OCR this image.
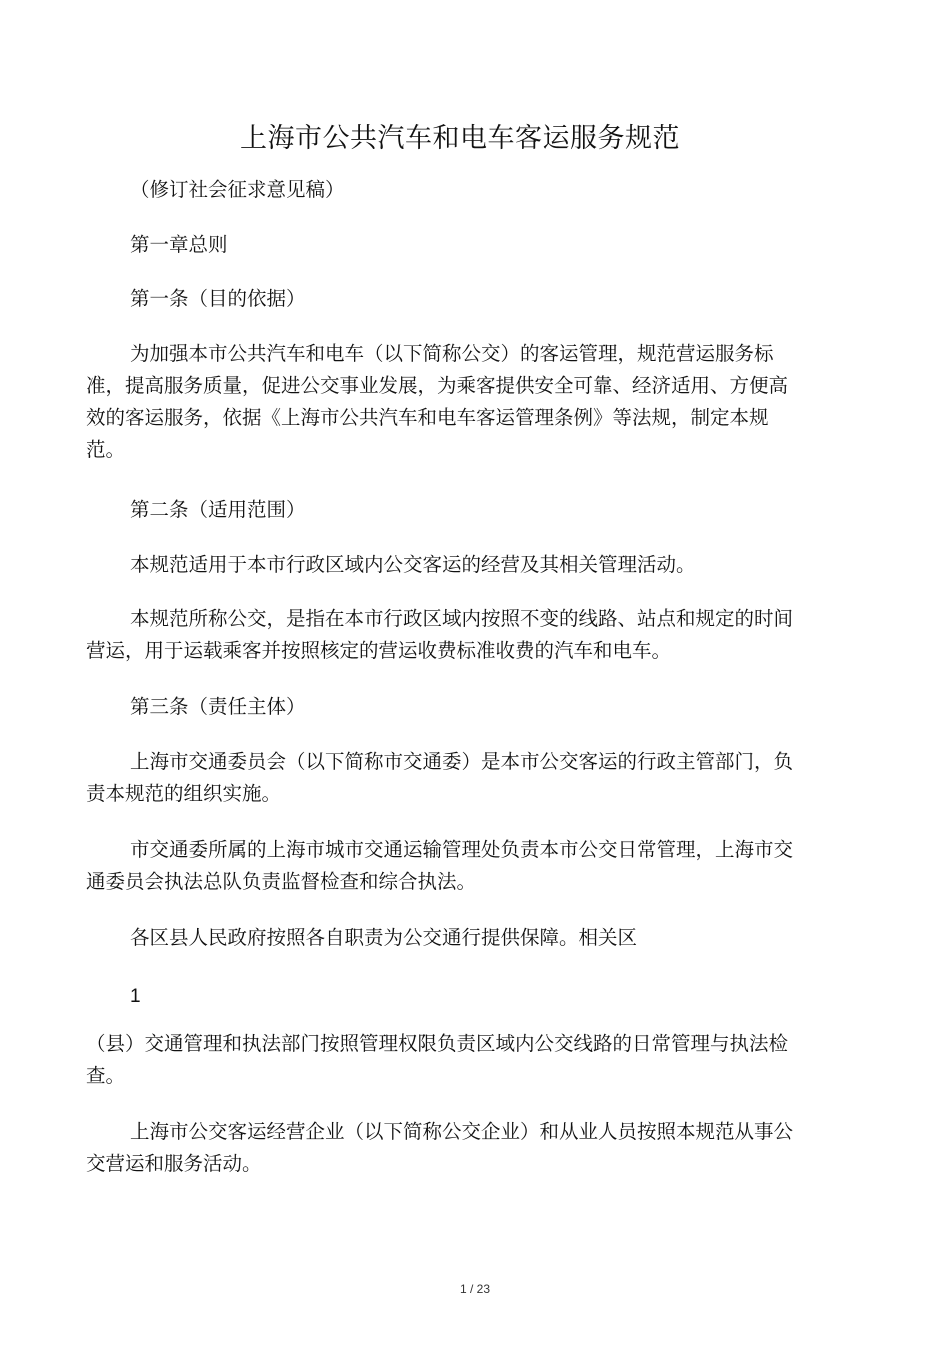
上海市公共汽车和电车客运服务规范

（修订社会征求意见稿）

第一章总则

第一条（目的依据）

为加强本市公共汽车和电车（以下简称公交）的客运管理，规范营运服务标准，提高服务质量，促进公交事业发展，为乘客提供安全可靠、经济适用、方便高效的客运服务，依据《上海市公共汽车和电车客运管理条例》等法规，制定本规范。

第二条（适用范围）

本规范适用于本市行政区域内公交客运的经营及其相关管理活动。

本规范所称公交，是指在本市行政区域内按照不变的线路、站点和规定的时间营运，用于运载乘客并按照核定的营运收费标准收费的汽车和电车。

第三条（责任主体）

上海市交通委员会（以下简称市交通委）是本市公交客运的行政主管部门，负责本规范的组织实施。

市交通委所属的上海市城市交通运输管理处负责本市公交日常管理，上海市交通委员会执法总队负责监督检查和综合执法。

各区县人民政府按照各自职责为公交通行提供保障。相关区

1

（县）交通管理和执法部门按照管理权限负责区域内公交线路的日常管理与执法检查。

上海市公交客运经营企业（以下简称公交企业）和从业人员按照本规范从事公交营运和服务活动。

1 / 23
